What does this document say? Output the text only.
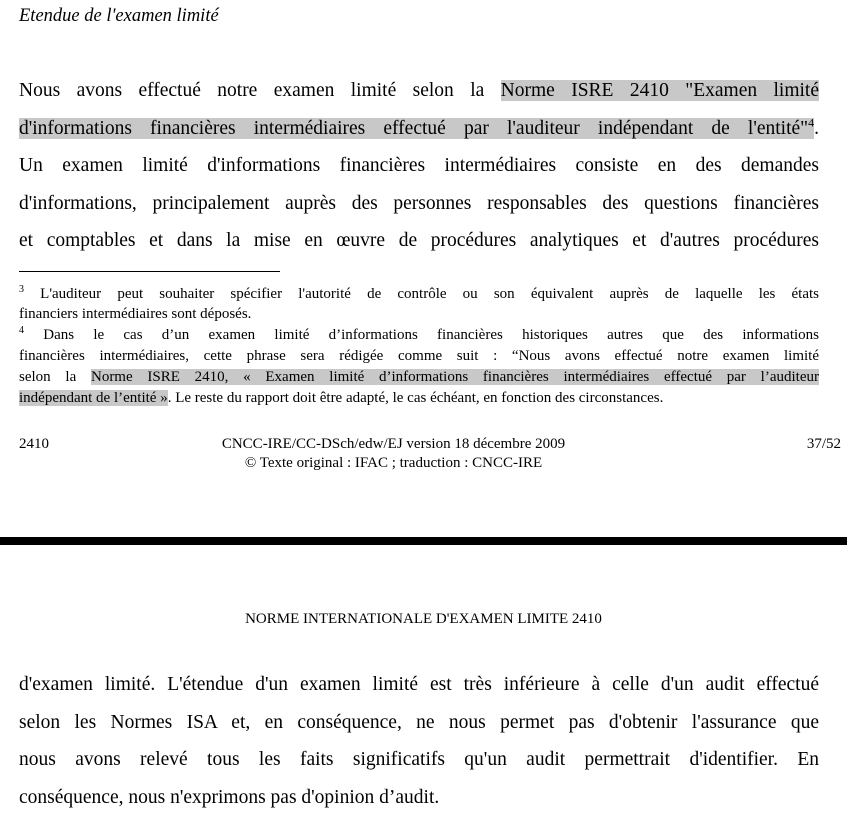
Etendue de l'examen limité
Nous avons effectué notre examen limité selon la Norme ISRE 2410 "Examen limité
d'informations financières intermédiaires effectué par l'auditeur indépendant de l'entité"$^4$.
Un examen limité d'informations financières intermédiaires consiste en des demandes
d'informations, principalement auprès des personnes responsables des questions financières
et comptables et dans la mise en œuvre de procédures analytiques et d'autres procédures
$^3$ L'auditeur peut souhaiter spécifier l'autorité de contrôle ou son équivalent auprès de laquelle les états
financiers intermédiaires sont déposés.
$^4$ Dans le cas d’un examen limité d’informations financières historiques autres que des informations
financières intermédiaires, cette phrase sera rédigée comme suit : “Nous avons effectué notre examen limité
selon la Norme ISRE 2410, « Examen limité d’informations financières intermédiaires effectué par l’auditeur
indépendant de l’entité ». Le reste du rapport doit être adapté, le cas échéant, en fonction des circonstances.
2410	CNCC-IRE/CC-DSch/edw/EJ version 18 décembre 2009
© Texte original : IFAC ; traduction : CNCC-IRE
37/52
NORME INTERNATIONALE D'EXAMEN LIMITE 2410
d'examen limité. L'étendue d'un examen limité est très inférieure à celle d'un audit effectué
selon les Normes ISA et, en conséquence, ne nous permet pas d'obtenir l'assurance que
nous avons relevé tous les faits significatifs qu'un audit permettrait d'identifier. En
conséquence, nous n'exprimons pas d'opinion d’audit.
